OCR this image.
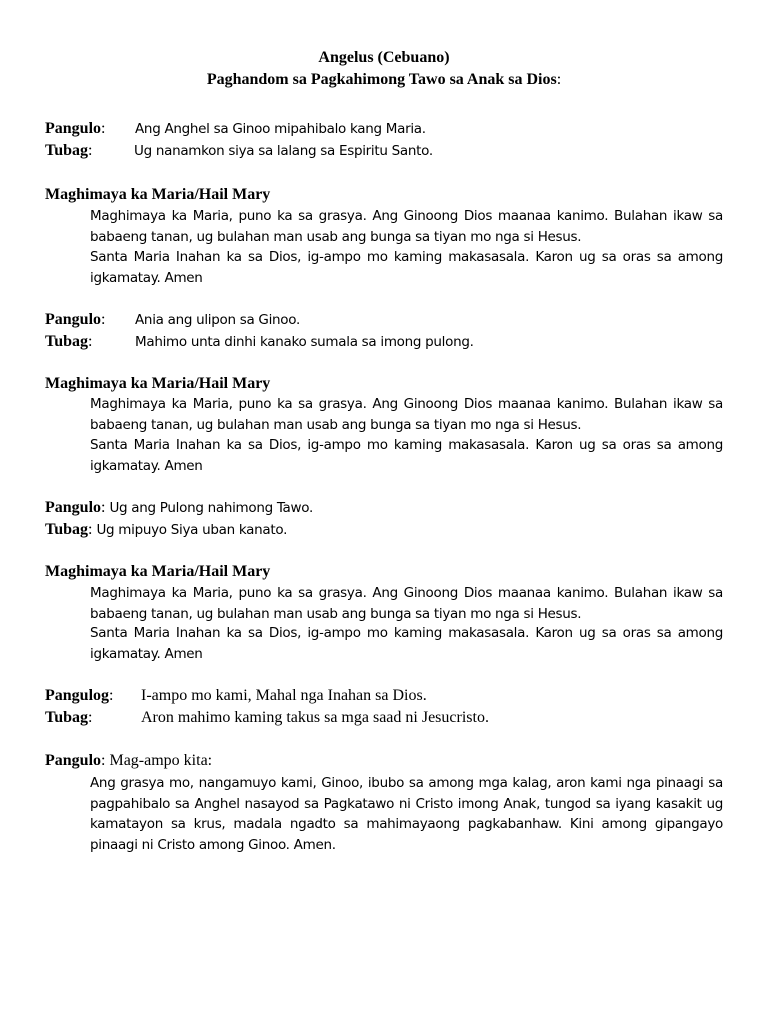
Angelus (Cebuano)
Paghandom sa Pagkahimong Tawo sa Anak sa Dios:
Pangulo: Ang Anghel sa Ginoo mipahibalo kang Maria.
Tubag:	Ug nanamkon siya sa lalang sa Espiritu Santo.
Maghimaya ka Maria/Hail Mary
Maghimaya ka Maria, puno ka sa grasya. Ang Ginoong Dios maanaa kanimo. Bulahan ikaw sa babaeng tanan, ug bulahan man usab ang bunga sa tiyan mo nga si Hesus.
Santa Maria Inahan ka sa Dios, ig-ampo mo kaming makasasala. Karon ug sa oras sa among igkamatay. Amen
Pangulo: Ania ang ulipon sa Ginoo.
Tubag:	Mahimo unta dinhi kanako sumala sa imong pulong.
Maghimaya ka Maria/Hail Mary
Maghimaya ka Maria, puno ka sa grasya. Ang Ginoong Dios maanaa kanimo. Bulahan ikaw sa babaeng tanan, ug bulahan man usab ang bunga sa tiyan mo nga si Hesus.
Santa Maria Inahan ka sa Dios, ig-ampo mo kaming makasasala. Karon ug sa oras sa among igkamatay. Amen
Pangulo: Ug ang Pulong nahimong Tawo.
Tubag: Ug mipuyo Siya uban kanato.
Maghimaya ka Maria/Hail Mary
Maghimaya ka Maria, puno ka sa grasya. Ang Ginoong Dios maanaa kanimo. Bulahan ikaw sa babaeng tanan, ug bulahan man usab ang bunga sa tiyan mo nga si Hesus.
Santa Maria Inahan ka sa Dios, ig-ampo mo kaming makasasala. Karon ug sa oras sa among igkamatay. Amen
Pangulog: I-ampo mo kami, Mahal nga Inahan sa Dios.
Tubag:	Aron mahimo kaming takus sa mga saad ni Jesucristo.
Pangulo: Mag-ampo kita:
Ang grasya mo, nangamuyo kami, Ginoo, ibubo sa among mga kalag, aron kami nga pinaagi sa pagpahibalo sa Anghel nasayod sa Pagkatawo ni Cristo imong Anak, tungod sa iyang kasakit ug kamatayon sa krus, madala ngadto sa mahimayaong pagkabanhaw. Kini among gipangayo pinaagi ni Cristo among Ginoo. Amen.
